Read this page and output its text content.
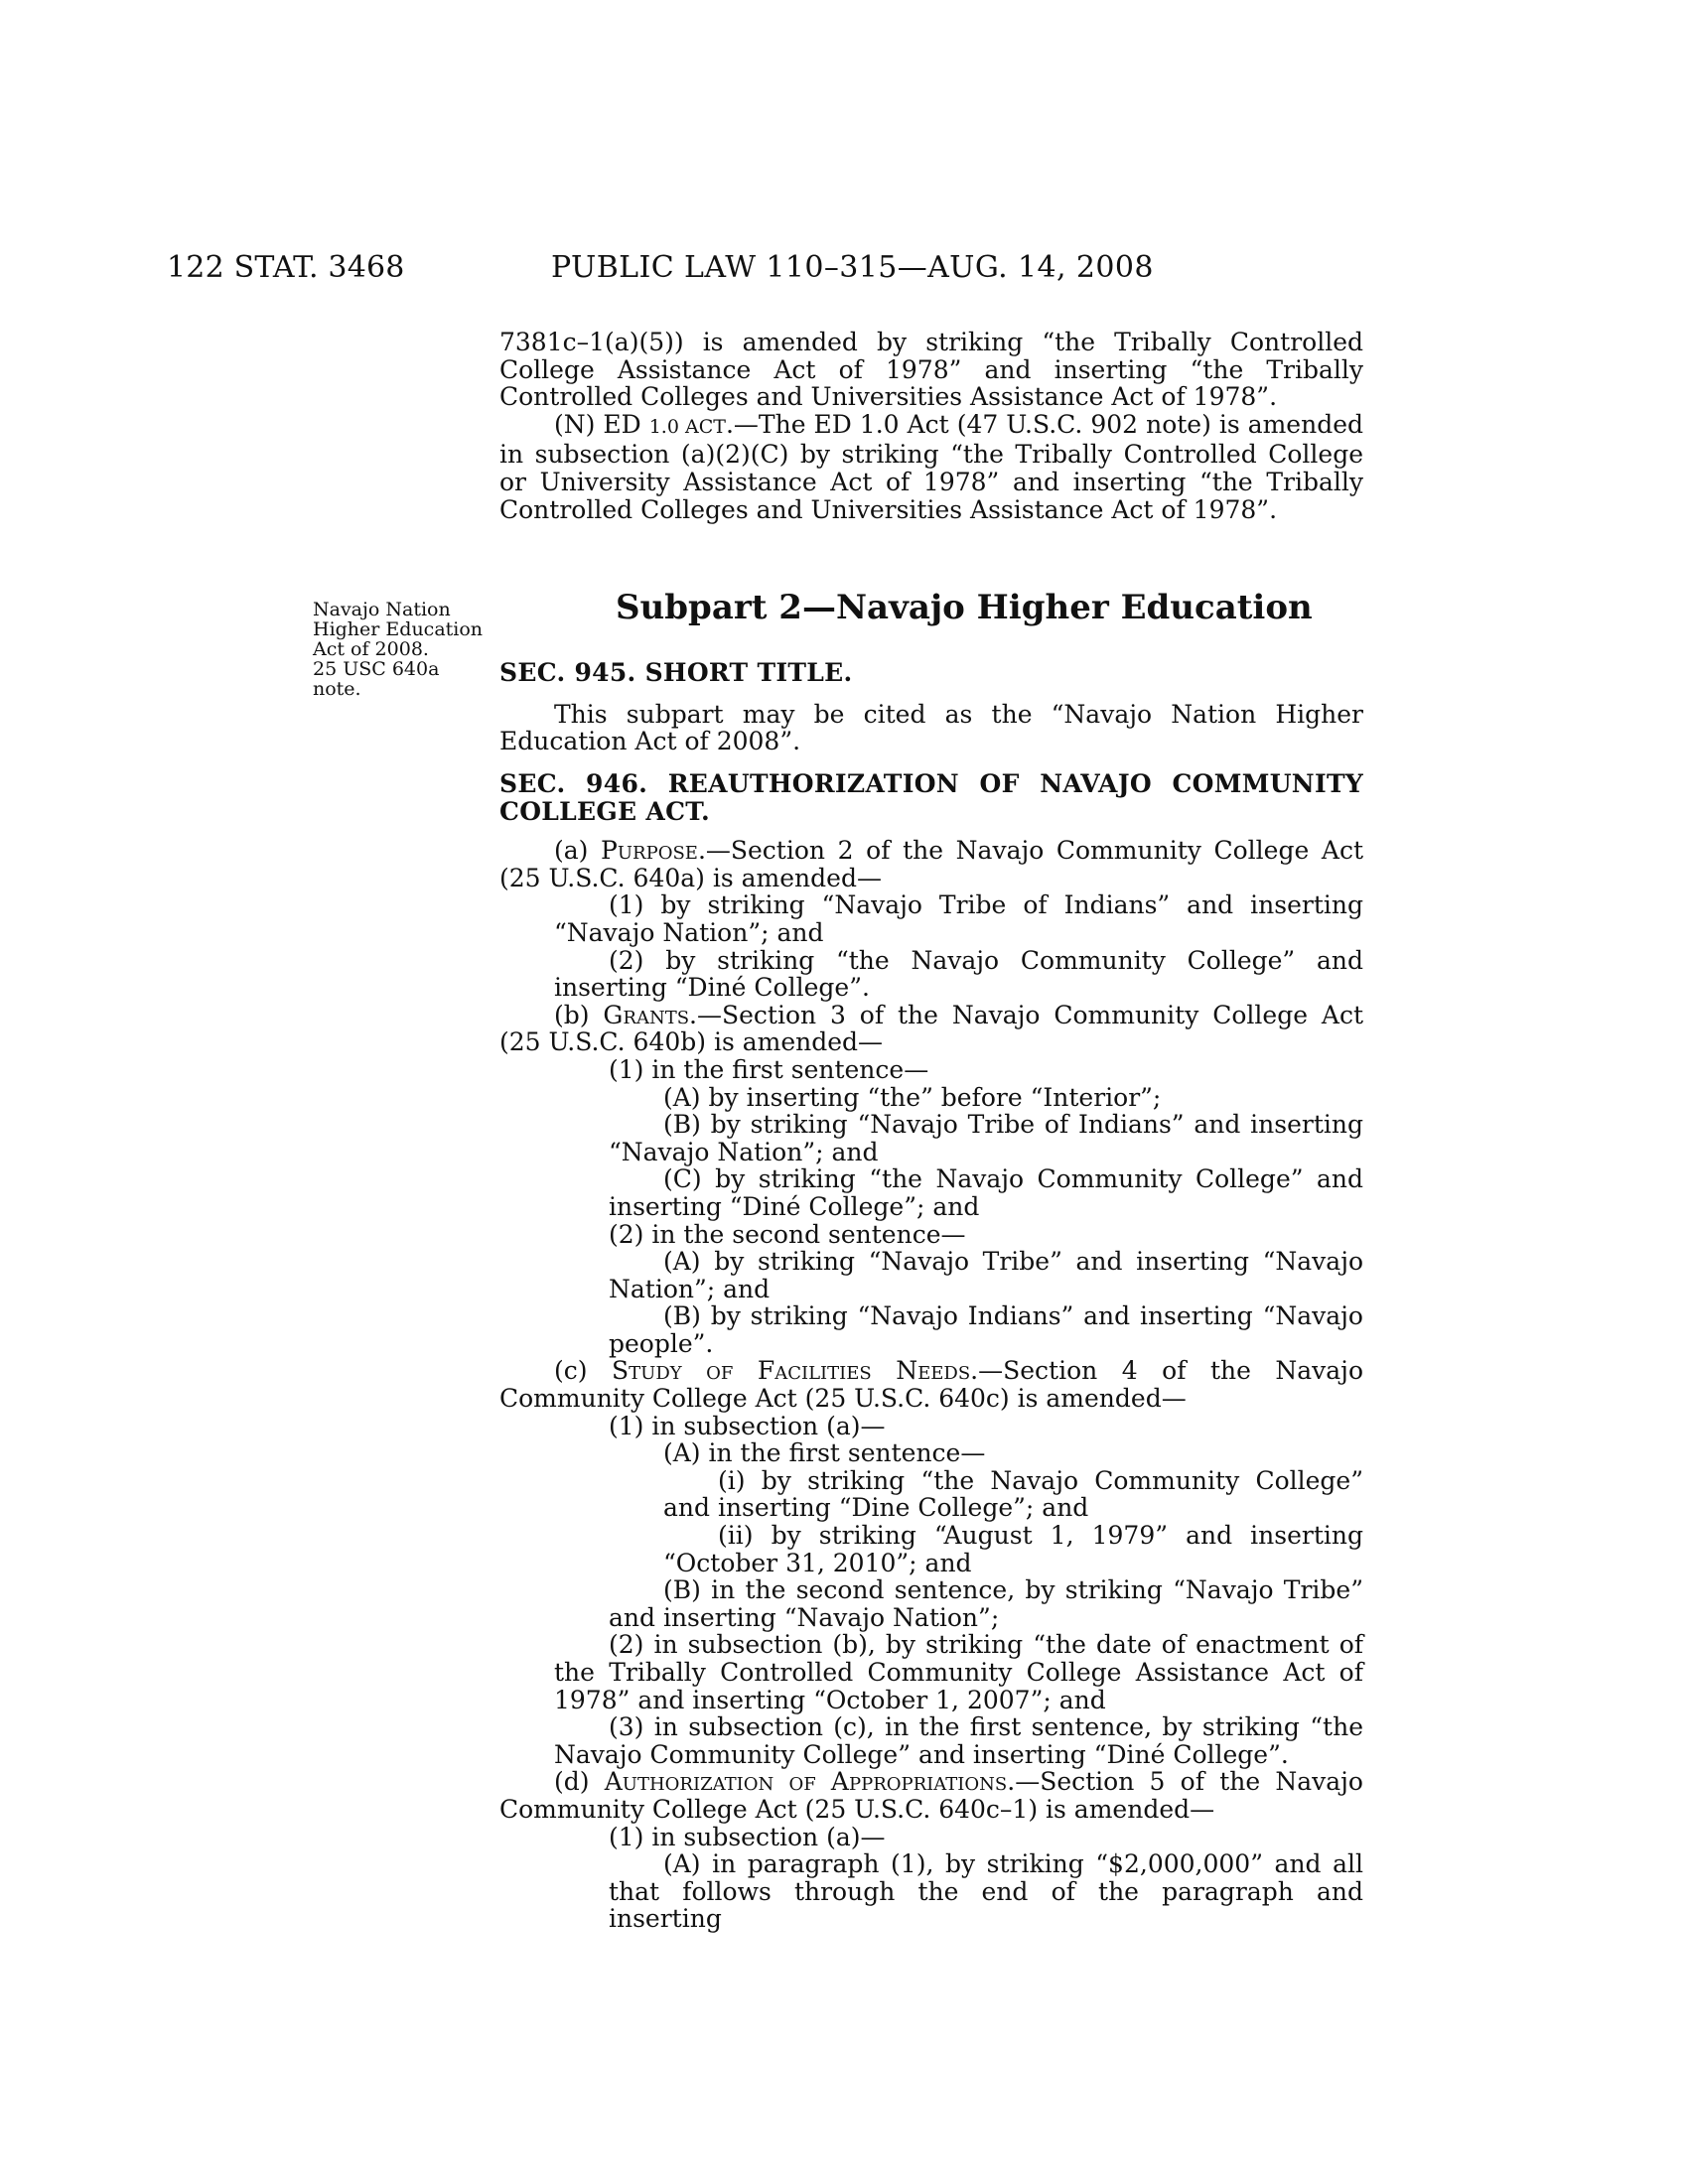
122 STAT. 3468	PUBLIC LAW 110–315—AUG. 14, 2008

7381c–1(a)(5)) is amended by striking “the Tribally Controlled College Assistance Act of 1978” and inserting “the Tribally Controlled Colleges and Universities Assistance Act of 1978”.

(N) ED 1.0 ACT.—The ED 1.0 Act (47 U.S.C. 902 note) is amended in subsection (a)(2)(C) by striking “the Tribally Controlled College or University Assistance Act of 1978” and inserting “the Tribally Controlled Colleges and Universities Assistance Act of 1978”.

Subpart 2—Navajo Higher Education
Navajo Nation
Higher Education
Act of 2008.
25 USC 640a
note.

SEC. 945. SHORT TITLE.

This subpart may be cited as the “Navajo Nation Higher Education Act of 2008”.

SEC. 946. REAUTHORIZATION OF NAVAJO COMMUNITY COLLEGE ACT.

(a) Purpose.—Section 2 of the Navajo Community College Act (25 U.S.C. 640a) is amended—

(1) by striking “Navajo Tribe of Indians” and inserting “Navajo Nation”; and

(2) by striking “the Navajo Community College” and inserting “Diné College”.

(b) Grants.—Section 3 of the Navajo Community College Act (25 U.S.C. 640b) is amended—

(1) in the first sentence—

(A) by inserting “the” before “Interior”;

(B) by striking “Navajo Tribe of Indians” and inserting “Navajo Nation”; and

(C) by striking “the Navajo Community College” and inserting “Diné College”; and

(2) in the second sentence—

(A) by striking “Navajo Tribe” and inserting “Navajo Nation”; and

(B) by striking “Navajo Indians” and inserting “Navajo people”.

(c) Study of Facilities Needs.—Section 4 of the Navajo Community College Act (25 U.S.C. 640c) is amended—

(1) in subsection (a)—

(A) in the first sentence—

(i) by striking “the Navajo Community College” and inserting “Dine College”; and

(ii) by striking “August 1, 1979” and inserting “October 31, 2010”; and

(B) in the second sentence, by striking “Navajo Tribe” and inserting “Navajo Nation”;

(2) in subsection (b), by striking “the date of enactment of the Tribally Controlled Community College Assistance Act of 1978” and inserting “October 1, 2007”; and

(3) in subsection (c), in the first sentence, by striking “the Navajo Community College” and inserting “Diné College”.

(d) Authorization of Appropriations.—Section 5 of the Navajo Community College Act (25 U.S.C. 640c–1) is amended—

(1) in subsection (a)—

(A) in paragraph (1), by striking “$2,000,000” and all that follows through the end of the paragraph and inserting
